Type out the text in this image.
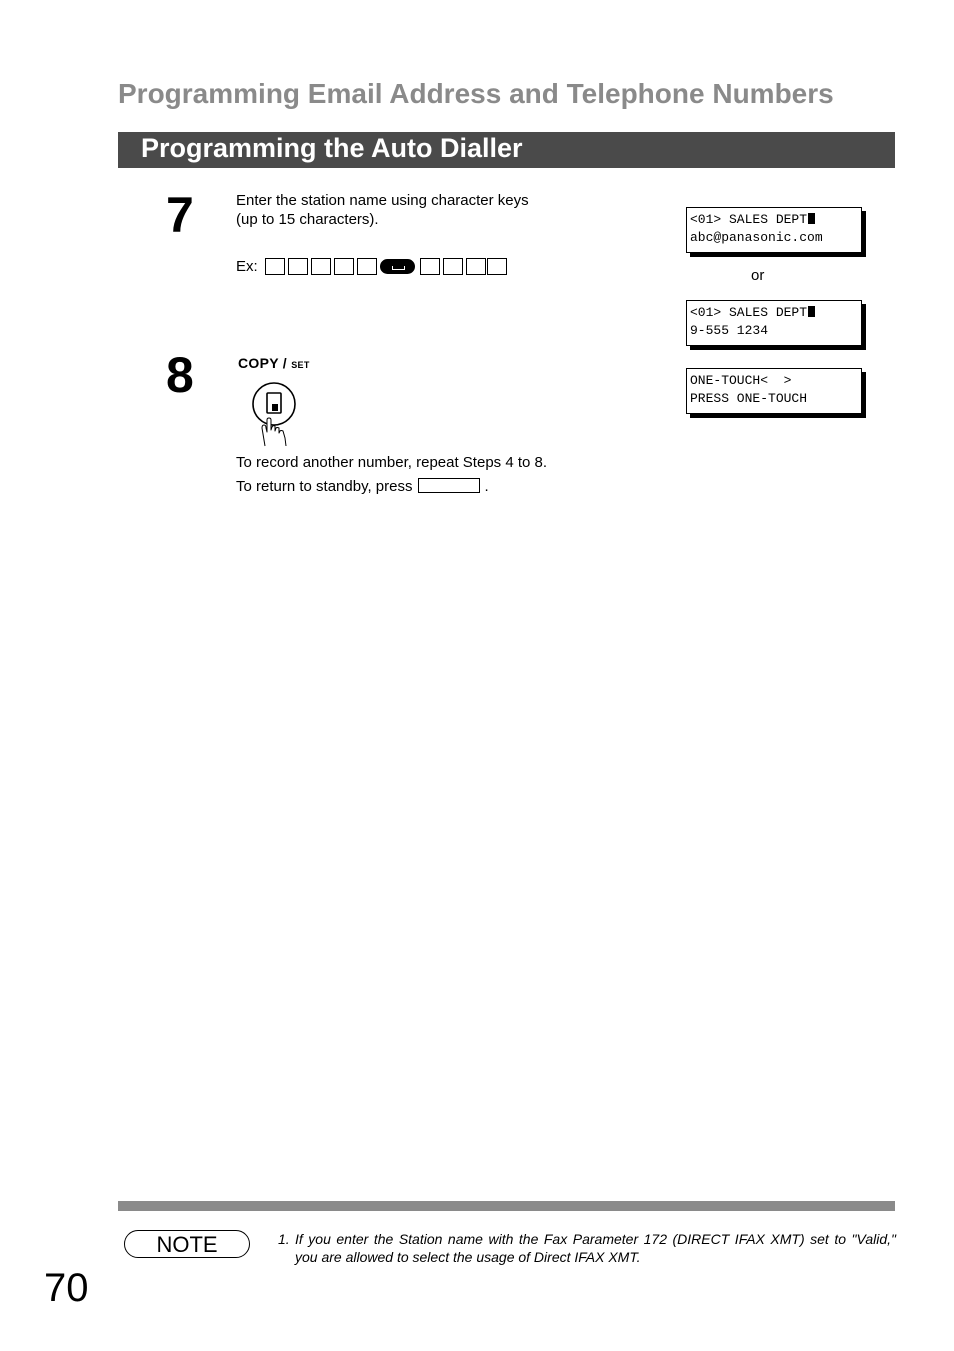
Programming Email Address and Telephone Numbers
Programming the Auto Dialler
7	Enter the station name using character keys
(up to 15 characters).
Ex:
<01> SALES DEPT
abc@panasonic.com
or
<01> SALES DEPT
9-555 1234
ONE-TOUCH<  >
PRESS ONE-TOUCH
8	COPY / SET
To record another number, repeat Steps 4 to 8.
To return to standby, press	.
NOTE	1. If you enter the Station name with the Fax Parameter 172 (DIRECT IFAX XMT) set to "Valid," you are allowed to select the usage of Direct IFAX XMT.
70
